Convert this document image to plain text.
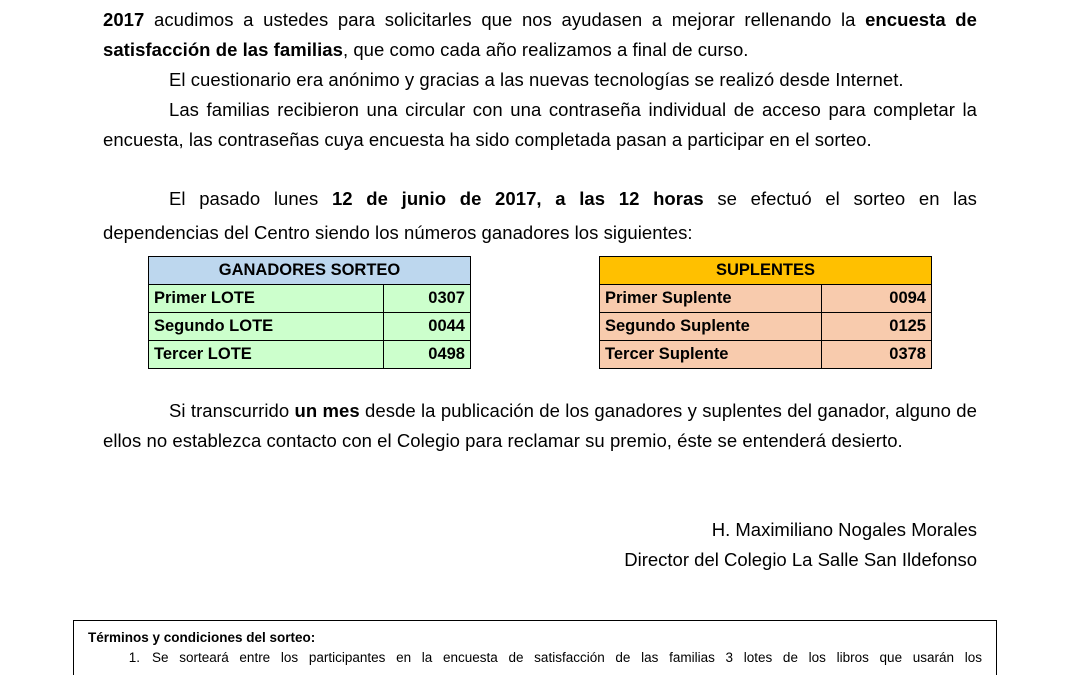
2017 acudimos a ustedes para solicitarles que nos ayudasen a mejorar rellenando la encuesta de
satisfacción de las familias, que como cada año realizamos a final de curso.
El cuestionario era anónimo y gracias a las nuevas tecnologías se realizó desde Internet.
Las familias recibieron una circular con una contraseña individual de acceso para completar la encuesta, las contraseñas cuya encuesta ha sido completada pasan a participar en el sorteo.
El pasado lunes 12 de junio de 2017, a las 12 horas se efectuó el sorteo en las
dependencias del Centro siendo los números ganadores los siguientes:
GANADORES SORTEO	
Primer LOTE	0307
Segundo LOTE	0044
Tercer LOTE	0498
SUPLENTES	
Primer Suplente	0094
Segundo Suplente	0125
Tercer Suplente	0378
Si transcurrido un mes desde la publicación de los ganadores y suplentes del ganador, alguno de ellos no establezca contacto con el Colegio para reclamar su premio, éste se entenderá desierto.
H. Maximiliano Nogales Morales
Director del Colegio La Salle San Ildefonso
Términos y condiciones del sorteo:
1. Se sorteará entre los participantes en la encuesta de satisfacción de las familias 3 lotes de los libros que usarán los
